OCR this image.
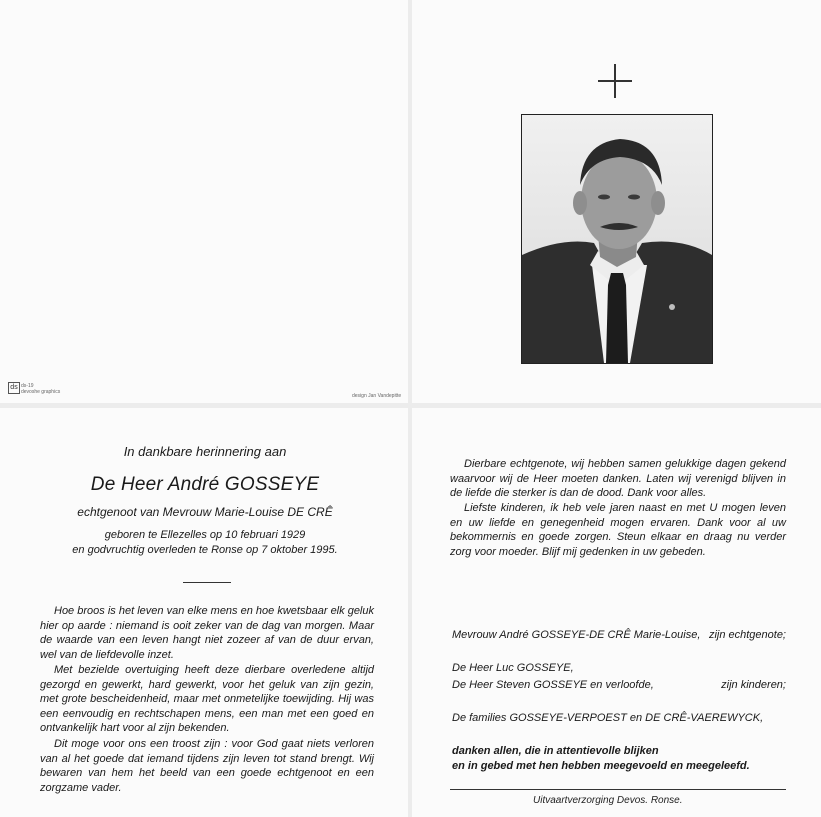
ds ds-19
devoshe graphics
design Jan Vandepitte
In dankbare herinnering aan
De Heer André GOSSEYE
echtgenoot van Mevrouw Marie-Louise DE CRÊ
geboren te Ellezelles op 10 februari 1929
en godvruchtig overleden te Ronse op 7 oktober 1995.

Hoe broos is het leven van elke mens en hoe kwetsbaar elk geluk hier op aarde : niemand is ooit zeker van de dag van morgen. Maar de waarde van een leven hangt niet zozeer af van de duur ervan, wel van de liefdevolle inzet.

Met bezielde overtuiging heeft deze dierbare overledene altijd gezorgd en gewerkt, hard gewerkt, voor het geluk van zijn gezin, met grote bescheidenheid, maar met onmetelijke toewijding. Hij was een eenvoudig en rechtschapen mens, een man met een goed en ontvankelijk hart voor al zijn bekenden.

Dit moge voor ons een troost zijn : voor God gaat niets verloren van al het goede dat iemand tijdens zijn leven tot stand brengt. Wij bewaren van hem het beeld van een goede echtgenoot en een zorgzame vader.

Dierbare echtgenote, wij hebben samen gelukkige dagen gekend waarvoor wij de Heer moeten danken. Laten wij verenigd blijven in de liefde die sterker is dan de dood. Dank voor alles.

Liefste kinderen, ik heb vele jaren naast en met U mogen leven en uw liefde en genegenheid mogen ervaren. Dank voor al uw bekommernis en goede zorgen. Steun elkaar en draag nu verder zorg voor moeder. Blijf mij gedenken in uw gebeden.

Mevrouw André GOSSEYE-DE CRÊ Marie-Louise, zijn echtgenote;
De Heer Luc GOSSEYE,
De Heer Steven GOSSEYE en verloofde,	zijn kinderen;
De families GOSSEYE-VERPOEST en DE CRÊ-VAEREWYCK,
danken allen, die in attentievolle blijken
en in gebed met hen hebben meegevoeld en meegeleefd.
Uitvaartverzorging Devos. Ronse.
